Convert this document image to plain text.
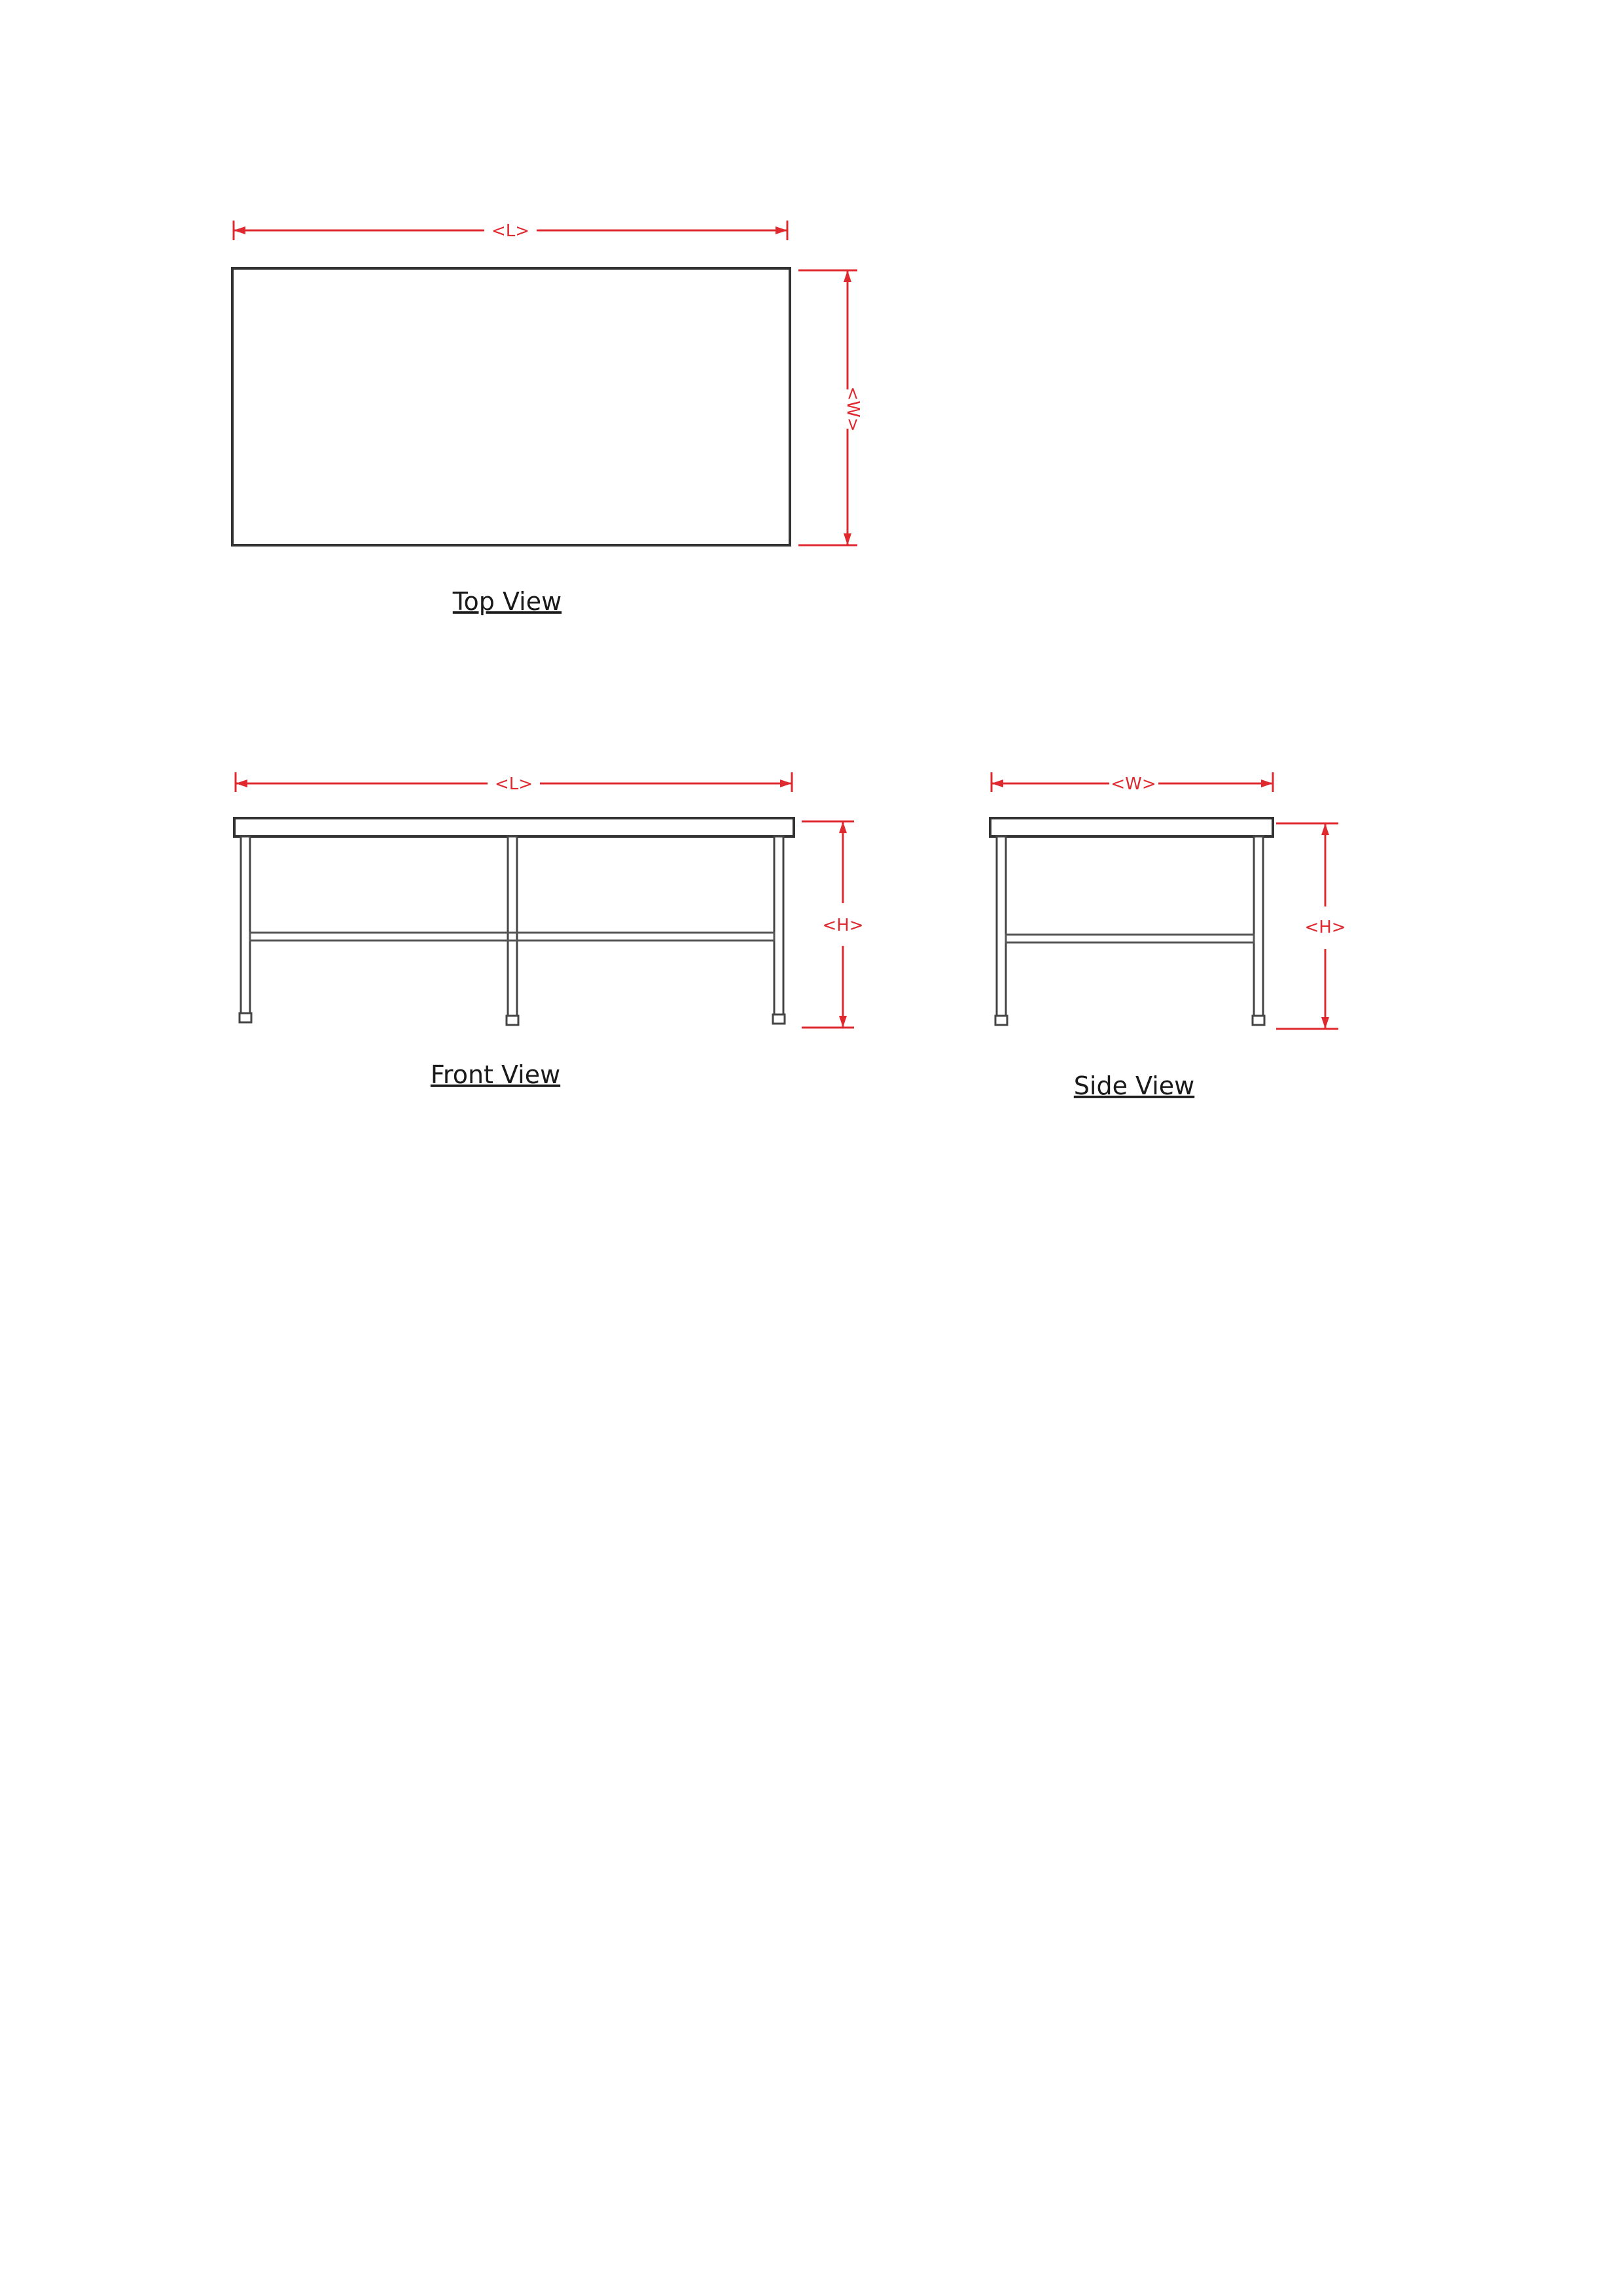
<L>
<W>
Top View
<L>
<H>
Front View
<W>
<H>
Side View
